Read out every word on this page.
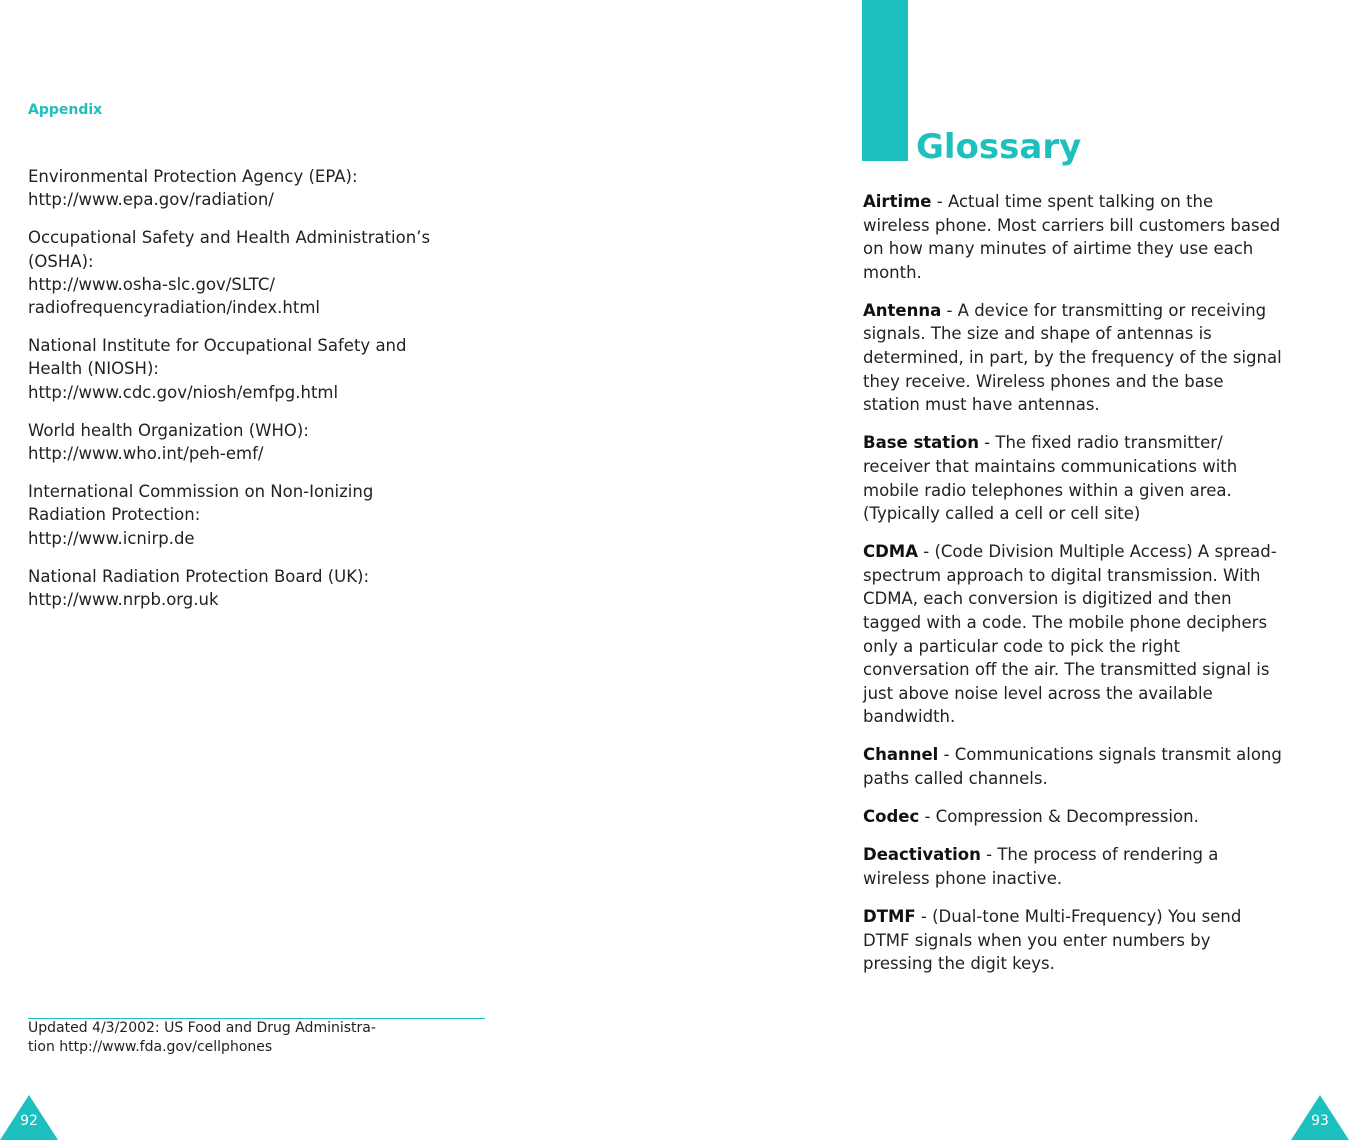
Appendix
Environmental Protection Agency (EPA):
http://www.epa.gov/radiation/
Occupational Safety and Health Administration’s
(OSHA):
http://www.osha-slc.gov/SLTC/
radiofrequencyradiation/index.html
National Institute for Occupational Safety and
Health (NIOSH):
http://www.cdc.gov/niosh/emfpg.html
World health Organization (WHO):
http://www.who.int/peh-emf/
International Commission on Non-Ionizing
Radiation Protection:
http://www.icnirp.de
National Radiation Protection Board (UK):
http://www.nrpb.org.uk
Updated 4/3/2002: US Food and Drug Administra-
tion http://www.fda.gov/cellphones
92
Glossary
Airtime - Actual time spent talking on the
wireless phone. Most carriers bill customers based
on how many minutes of airtime they use each
month.
Antenna - A device for transmitting or receiving
signals. The size and shape of antennas is
determined, in part, by the frequency of the signal
they receive. Wireless phones and the base
station must have antennas.
Base station - The fixed radio transmitter/
receiver that maintains communications with
mobile radio telephones within a given area.
(Typically called a cell or cell site)
CDMA - (Code Division Multiple Access) A spread-
spectrum approach to digital transmission. With
CDMA, each conversion is digitized and then
tagged with a code. The mobile phone deciphers
only a particular code to pick the right
conversation off the air. The transmitted signal is
just above noise level across the available
bandwidth.
Channel - Communications signals transmit along
paths called channels.
Codec - Compression & Decompression.
Deactivation - The process of rendering a
wireless phone inactive.
DTMF - (Dual-tone Multi-Frequency) You send
DTMF signals when you enter numbers by
pressing the digit keys.
93
